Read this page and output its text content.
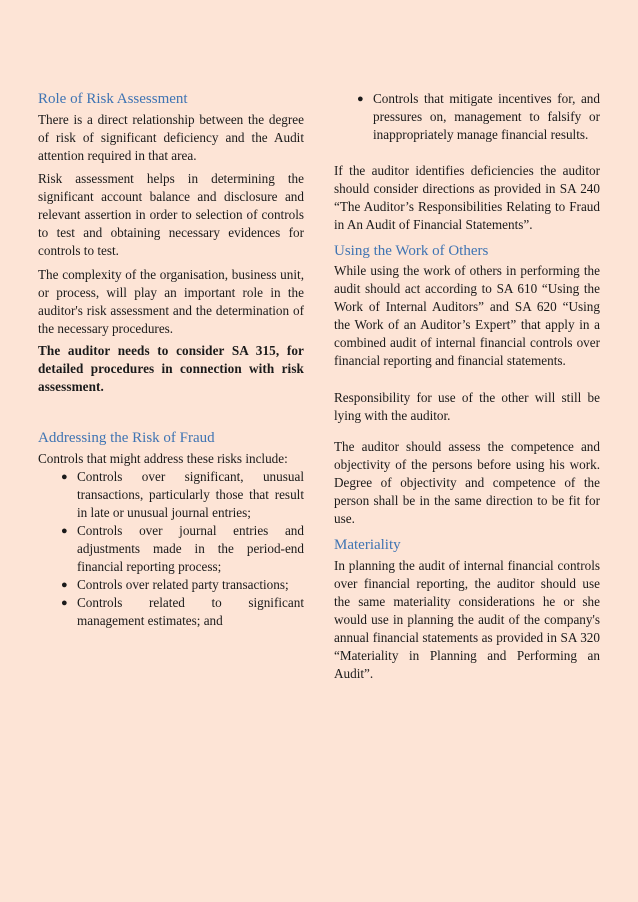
Role of Risk Assessment

There is a direct relationship between the degree of risk of significant deficiency and the Audit attention required in that area.

Risk assessment helps in determining the significant account balance and disclosure and relevant assertion in order to selection of controls to test and obtaining necessary evidences for controls to test.

The complexity of the organisation, business unit, or process, will play an important role in the auditor's risk assessment and the determination of the necessary procedures.

The auditor needs to consider SA 315, for detailed procedures in connection with risk assessment.

Addressing the Risk of Fraud

Controls that might address these risks include:

● Controls over significant, unusual transactions, particularly those that result in late or unusual journal entries;
● Controls over journal entries and adjustments made in the period-end financial reporting process;
● Controls over related party transactions;
● Controls related to significant management estimates; and
● Controls that mitigate incentives for, and pressures on, management to falsify or inappropriately manage financial results.

If the auditor identifies deficiencies the auditor should consider directions as provided in SA 240 “The Auditor’s Responsibilities Relating to Fraud in An Audit of Financial Statements”.

Using the Work of Others

While using the work of others in performing the audit should act according to SA 610 “Using the Work of Internal Auditors” and SA 620 “Using the Work of an Auditor’s Expert” that apply in a combined audit of internal financial controls over financial reporting and financial statements.

Responsibility for use of the other will still be lying with the auditor.

The auditor should assess the competence and objectivity of the persons before using his work. Degree of objectivity and competence of the person shall be in the same direction to be fit for use.

Materiality

In planning the audit of internal financial controls over financial reporting, the auditor should use the same materiality considerations he or she would use in planning the audit of the company's annual financial statements as provided in SA 320 “Materiality in Planning and Performing an Audit”.
